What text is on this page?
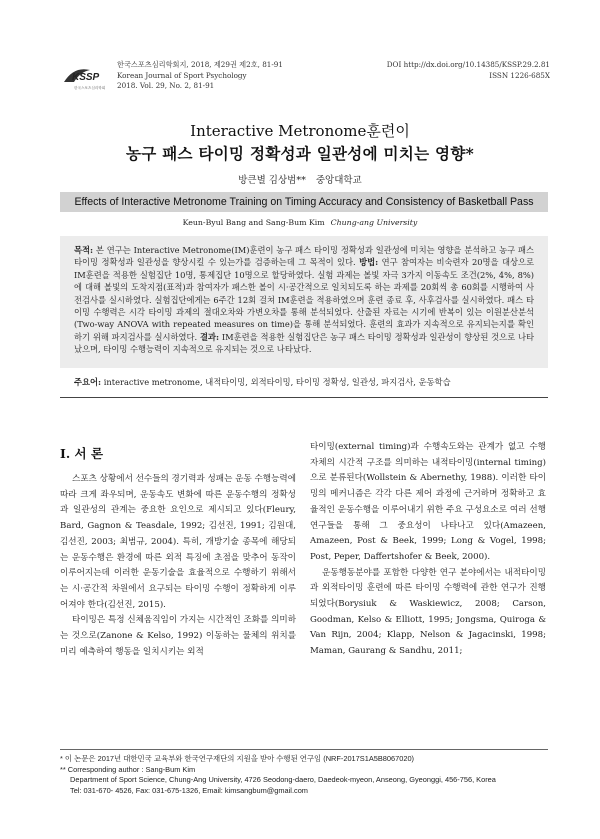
KSSP
한국스포츠심리학회
한국스포츠심리학회지, 2018, 제29권 제2호, 81-91
Korean Journal of Sport Psychology
2018. Vol. 29, No. 2, 81-91
DOI http://dx.doi.org/10.14385/KSSP.29.2.81
ISSN 1226-685X
Interactive Metronome훈련이
농구 패스 타이밍 정확성과 일관성에 미치는 영향*
방큰별 김상범** 중앙대학교
Effects of Interactive Metronome Training on Timing Accuracy and Consistency of Basketball Pass
Keun-Byul Bang and Sang-Bum Kim Chung-ang University
목적: 본 연구는 Interactive Metronome(IM)훈련이 농구 패스 타이밍 정확성과 일관성에 미치는 영향을 분석하고 농구 패스 타이밍 정확성과 일관성을 향상시킬 수 있는가를 검증하는데 그 목적이 있다. 방법: 연구 참여자는 비숙련자 20명을 대상으로 IM훈련을 적용한 실험집단 10명, 통제집단 10명으로 할당하였다. 실험 과제는 볼빛 자극 3가지 이동속도 조건(2%, 4%, 8%)에 대해 볼빛의 도착지점(표적)과 참여자가 패스한 볼이 시·공간적으로 일치되도록 하는 과제를 20회씩 총 60회를 시행하여 사전검사를 실시하였다. 실험집단에게는 6주간 12회 걸쳐 IM훈련을 적용하였으며 훈련 종료 후, 사후검사를 실시하였다. 패스 타이밍 수행력은 시각 타이밍 과제의 절대오차와 가변오차를 통해 분석되었다. 산출된 자료는 시기에 반복이 있는 이원분산분석(Two-way ANOVA with repeated measures on time)을 통해 분석되었다. 훈련의 효과가 지속적으로 유지되는지를 확인하기 위해 파지검사를 실시하였다. 결과: IM훈련을 적용한 실험집단은 농구 패스 타이밍 정확성과 일관성이 향상된 것으로 나타났으며, 타이밍 수행능력이 지속적으로 유지되는 것으로 나타났다.
주요어: interactive metronome, 내적타이밍, 외적타이밍, 타이밍 정확성, 일관성, 파지검사, 운동학습
I. 서 론

스포츠 상황에서 선수들의 경기력과 성패는 운동 수행능력에 따라 크게 좌우되며, 운동속도 변화에 따른 운동수행의 정확성과 일관성의 관계는 중요한 요인으로 제시되고 있다(Fleury, Bard, Gagnon & Teasdale, 1992; 김선진, 1991; 김원대, 김선진, 2003; 최범규, 2004). 특히, 개방기술 종목에 해당되는 운동수행은 환경에 따른 외적 특징에 초점을 맞추어 동작이 이루어지는데 이러한 운동기술을 효율적으로 수행하기 위해서는 시·공간적 차원에서 요구되는 타이밍 수행이 정확하게 이루어져야 한다(김선진, 2015).

타이밍은 특정 신체움직임이 가지는 시간적인 조화를 의미하는 것으로(Zanone & Kelso, 1992) 이동하는 물체의 위치를 미리 예측하여 행동을 일치시키는 외적

타이밍(external timing)과 수행속도와는 관계가 없고 수행 자체의 시간적 구조를 의미하는 내적타이밍(internal timing)으로 분류된다(Wollstein & Abernethy, 1988). 이러한 타이밍의 메커니즘은 각각 다른 제어 과정에 근거하며 정확하고 효율적인 운동수행을 이루어내기 위한 주요 구성요소로 여러 선행연구들을 통해 그 중요성이 나타나고 있다(Amazeen, Amazeen, Post & Beek, 1999; Long & Vogel, 1998; Post, Peper, Daffertshofer & Beek, 2000).

운동행동분야를 포함한 다양한 연구 분야에서는 내적타이밍과 외적타이밍 훈련에 따른 타이밍 수행력에 관한 연구가 진행되었다(Borysiuk & Waskiewicz, 2008; Carson, Goodman, Kelso & Elliott, 1995; Jongsma, Quiroga & Van Rijn, 2004; Klapp, Nelson & Jagacinski, 1998; Maman, Gaurang & Sandhu, 2011;

* 이 논문은 2017년 대한민국 교육부와 한국연구재단의 지원을 받아 수행된 연구임 (NRF-2017S1A5B8067020)
** Corresponding author : Sang-Bum Kim
Department of Sport Science, Chung-Ang University, 4726 Seodong-daero, Daedeok-myeon, Anseong, Gyeonggi, 456-756, Korea
Tel: 031-670- 4526, Fax: 031-675-1326, Email: kimsangbum@gmail.com
